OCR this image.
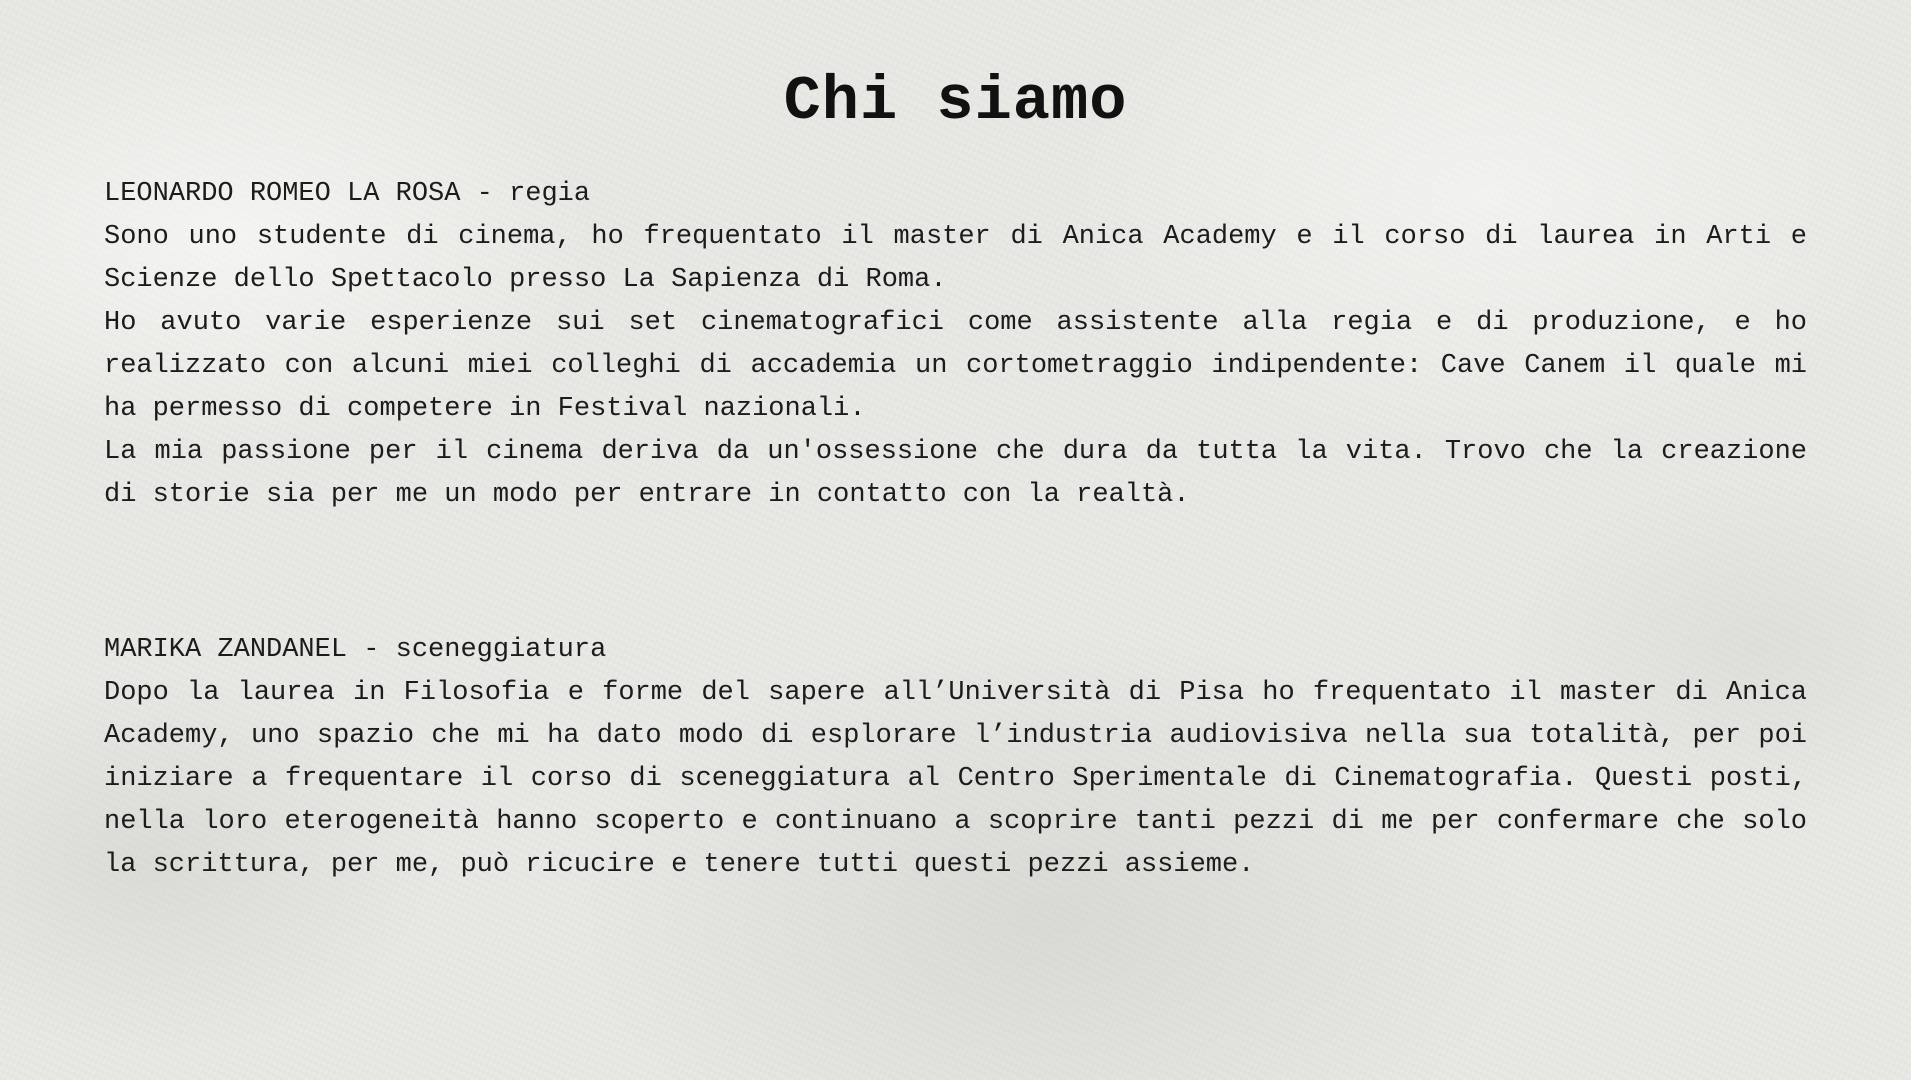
Chi siamo
LEONARDO ROMEO LA ROSA - regia

Sono uno studente di cinema, ho frequentato il master di Anica Academy e il corso di laurea in Arti e Scienze dello Spettacolo presso La Sapienza di Roma.

Ho avuto varie esperienze sui set cinematografici come assistente alla regia e di produzione, e ho realizzato con alcuni miei colleghi di accademia un cortometraggio indipendente: Cave Canem il quale mi ha permesso di competere in Festival nazionali.

La mia passione per il cinema deriva da un'ossessione che dura da tutta la vita. Trovo che la creazione di storie sia per me un modo per entrare in contatto con la realtà.

MARIKA ZANDANEL - sceneggiatura

Dopo la laurea in Filosofia e forme del sapere all’Università di Pisa ho frequentato il master di Anica Academy, uno spazio che mi ha dato modo di esplorare l’industria audiovisiva nella sua totalità, per poi iniziare a frequentare il corso di sceneggiatura al Centro Sperimentale di Cinematografia. Questi posti, nella loro eterogeneità hanno scoperto e continuano a scoprire tanti pezzi di me per confermare che solo la scrittura, per me, può ricucire e tenere tutti questi pezzi assieme.
